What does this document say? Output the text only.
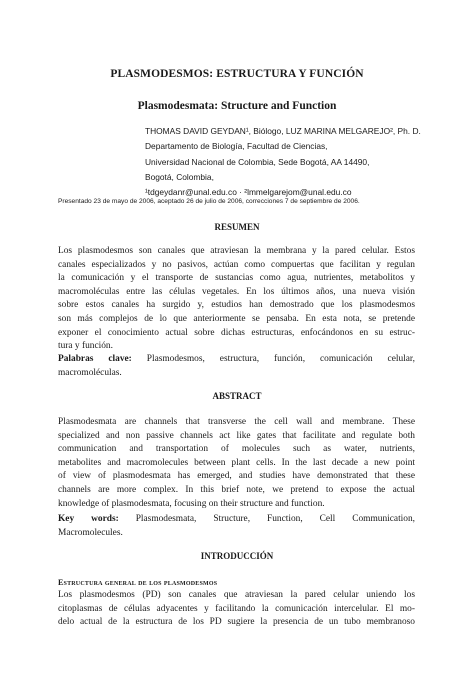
PLASMODESMOS: ESTRUCTURA Y FUNCIÓN
Plasmodesmata: Structure and Function
THOMAS DAVID GEYDAN¹, Biólogo, LUZ MARINA MELGAREJO², Ph. D.
Departamento de Biología, Facultad de Ciencias,
Universidad Nacional de Colombia, Sede Bogotá, AA 14490,
Bogotá, Colombia,
¹tdgeydanr@unal.edu.co · ²lmmelgarejom@unal.edu.co
Presentado 23 de mayo de 2006, aceptado 26 de julio de 2006, correcciones 7 de septiembre de 2006.
RESUMEN
Los plasmodesmos son canales que atraviesan la membrana y la pared celular. Estos
canales especializados y no pasivos, actúan como compuertas que facilitan y regulan
la comunicación y el transporte de sustancias como agua, nutrientes, metabolitos y
macromoléculas entre las células vegetales. En los últimos años, una nueva visión
sobre estos canales ha surgido y, estudios han demostrado que los plasmodesmos
son más complejos de lo que anteriormente se pensaba. En esta nota, se pretende
exponer el conocimiento actual sobre dichas estructuras, enfocándonos en su estruc-
tura y función.
Palabras clave: Plasmodesmos, estructura, función, comunicación celular,
macromoléculas.
ABSTRACT
Plasmodesmata are channels that transverse the cell wall and membrane. These
specialized and non passive channels act like gates that facilitate and regulate both
communication and transportation of molecules such as water, nutrients,
metabolites and macromolecules between plant cells. In the last decade a new point
of view of plasmodesmata has emerged, and studies have demonstrated that these
channels are more complex. In this brief note, we pretend to expose the actual
knowledge of plasmodesmata, focusing on their structure and function.
Key words: Plasmodesmata, Structure, Function, Cell Communication,
Macromolecules.
INTRODUCCIÓN
Estructura general de los plasmodesmos
Los plasmodesmos (PD) son canales que atraviesan la pared celular uniendo los
citoplasmas de células adyacentes y facilitando la comunicación intercelular. El mo-
delo actual de la estructura de los PD sugiere la presencia de un tubo membranoso
